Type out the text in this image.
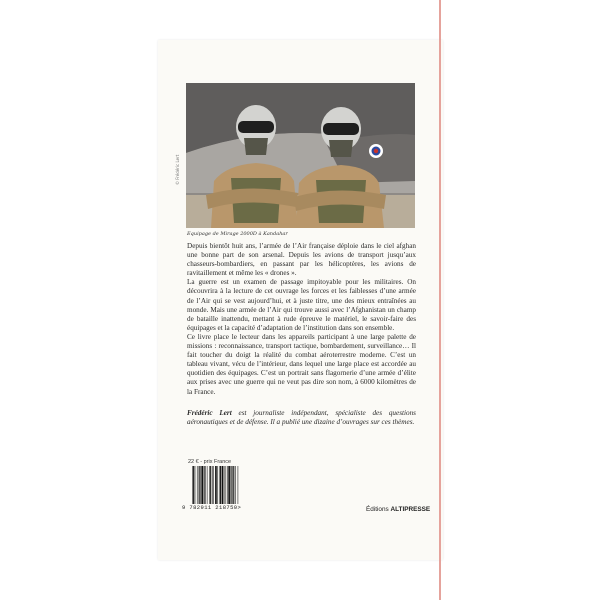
© Frédéric Lert
Equipage de Mirage 2000D à Kandahar

Depuis bientôt huit ans, l’armée de l’Air française déploie dans le ciel afghan une bonne part de son arsenal. Depuis les avions de transport jusqu’aux chasseurs-bombardiers, en passant par les hélicoptères, les avions de ravitaillement et même les « drones ».

La guerre est un examen de passage impitoyable pour les militaires. On découvrira à la lecture de cet ouvrage les forces et les faiblesses d’une armée de l’Air qui se vest aujourd’hui, et à juste titre, une des mieux entraînées au monde. Mais une armée de l’Air qui trouve aussi avec l’Afghanistan un champ de bataille inattendu, mettant à rude épreuve le matériel, le savoir-faire des équipages et la capacité d’adaptation de l’institution dans son ensemble.

Ce livre place le lecteur dans les appareils participant à une large palette de missions : reconnaissance, transport tactique, bombardement, surveillance… Il fait toucher du doigt la réalité du combat aéroterrestre moderne. C’est un tableau vivant, vécu de l’intérieur, dans lequel une large place est accordée au quotidien des équipages. C’est un portrait sans flagornerie d’une armée d’élite aux prises avec une guerre qui ne veut pas dire son nom, à 6000 kilomètres de la France.

Frédéric Lert est journaliste indépendant, spécialiste des questions aéronautiques et de défense. Il a publié une dizaine d’ouvrages sur ces thèmes.
22 € - prix France
9 782911 218750>	Éditions ALTIPRESSE
